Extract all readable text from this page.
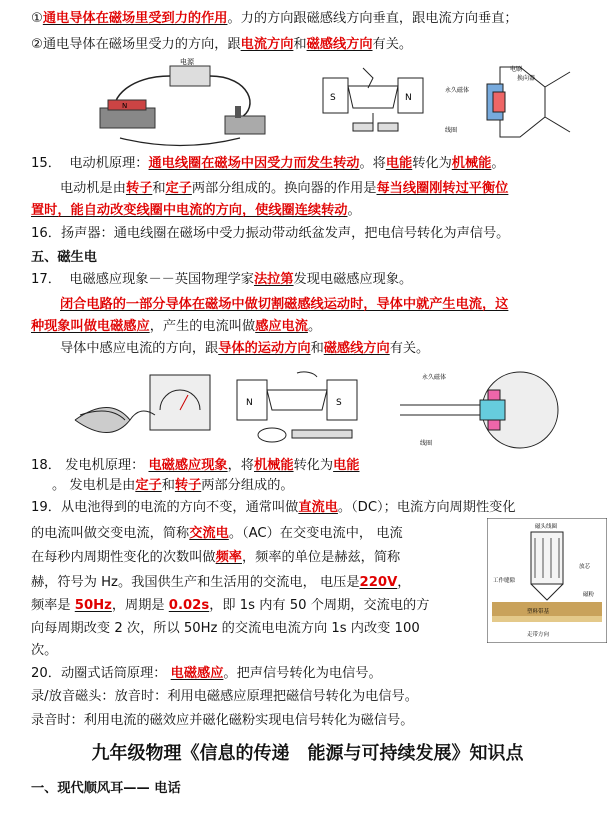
①通电导体在磁场里受到力的作用。力的方向跟磁感线方向垂直，跟电流方向垂直；
②通电导体在磁场里受力的方向，跟电流方向和磁感线方向有关。
电源
N
S	N
永久磁体
电刷
换向器
线圈
15． 电动机原理：通电线圈在磁场中因受力而发生转动。将电能转化为机械能。
电动机是由转子和定子两部分组成的。换向器的作用是每当线圈刚转过平衡位
置时，能自动改变线圈中电流的方向，使线圈连续转动。
16．扬声器：通电线圈在磁场中受力振动带动纸盆发声，把电信号转化为声信号。
五、磁生电
17． 电磁感应现象－－英国物理学家法拉第发现电磁感应现象。
闭合电路的一部分导体在磁场中做切割磁感线运动时，导体中就产生电流，这
种现象叫做电磁感应，产生的电流叫做感应电流。
导体中感应电流的方向，跟导体的运动方向和磁感线方向有关。
N	S
永久磁体
线圈
18． 发电机原理： 电磁感应现象，将机械能转化为电能
。 发电机是由定子和转子两部分组成的。
19．从电池得到的电流的方向不变，通常叫做直流电。（DC）；电流方向周期性变化
的电流叫做交变电流，简称交流电。（AC）在交变电流中， 电流
在每秒内周期性变化的次数叫做频率，频率的单位是赫兹，简称
赫，符号为 Hz。我国供生产和生活用的交流电， 电压是220V，
频率是 50Hz，周期是 0.02s，即 1s 内有 50 个周期，交流电的方
向每周期改变 2 次，所以 50Hz 的交流电电流方向 1s 内改变 100
次。
磁头线圈
工作缝隙
放芯
磁粉
塑料带基
走带方向
20．动圈式话筒原理： 电磁感应。把声信号转化为电信号。
录/放音磁头：放音时：利用电磁感应原理把磁信号转化为电信号。
录音时：利用电流的磁效应并磁化磁粉实现电信号转化为磁信号。
九年级物理《信息的传递　能源与可持续发展》知识点
一、现代顺风耳—— 电话
